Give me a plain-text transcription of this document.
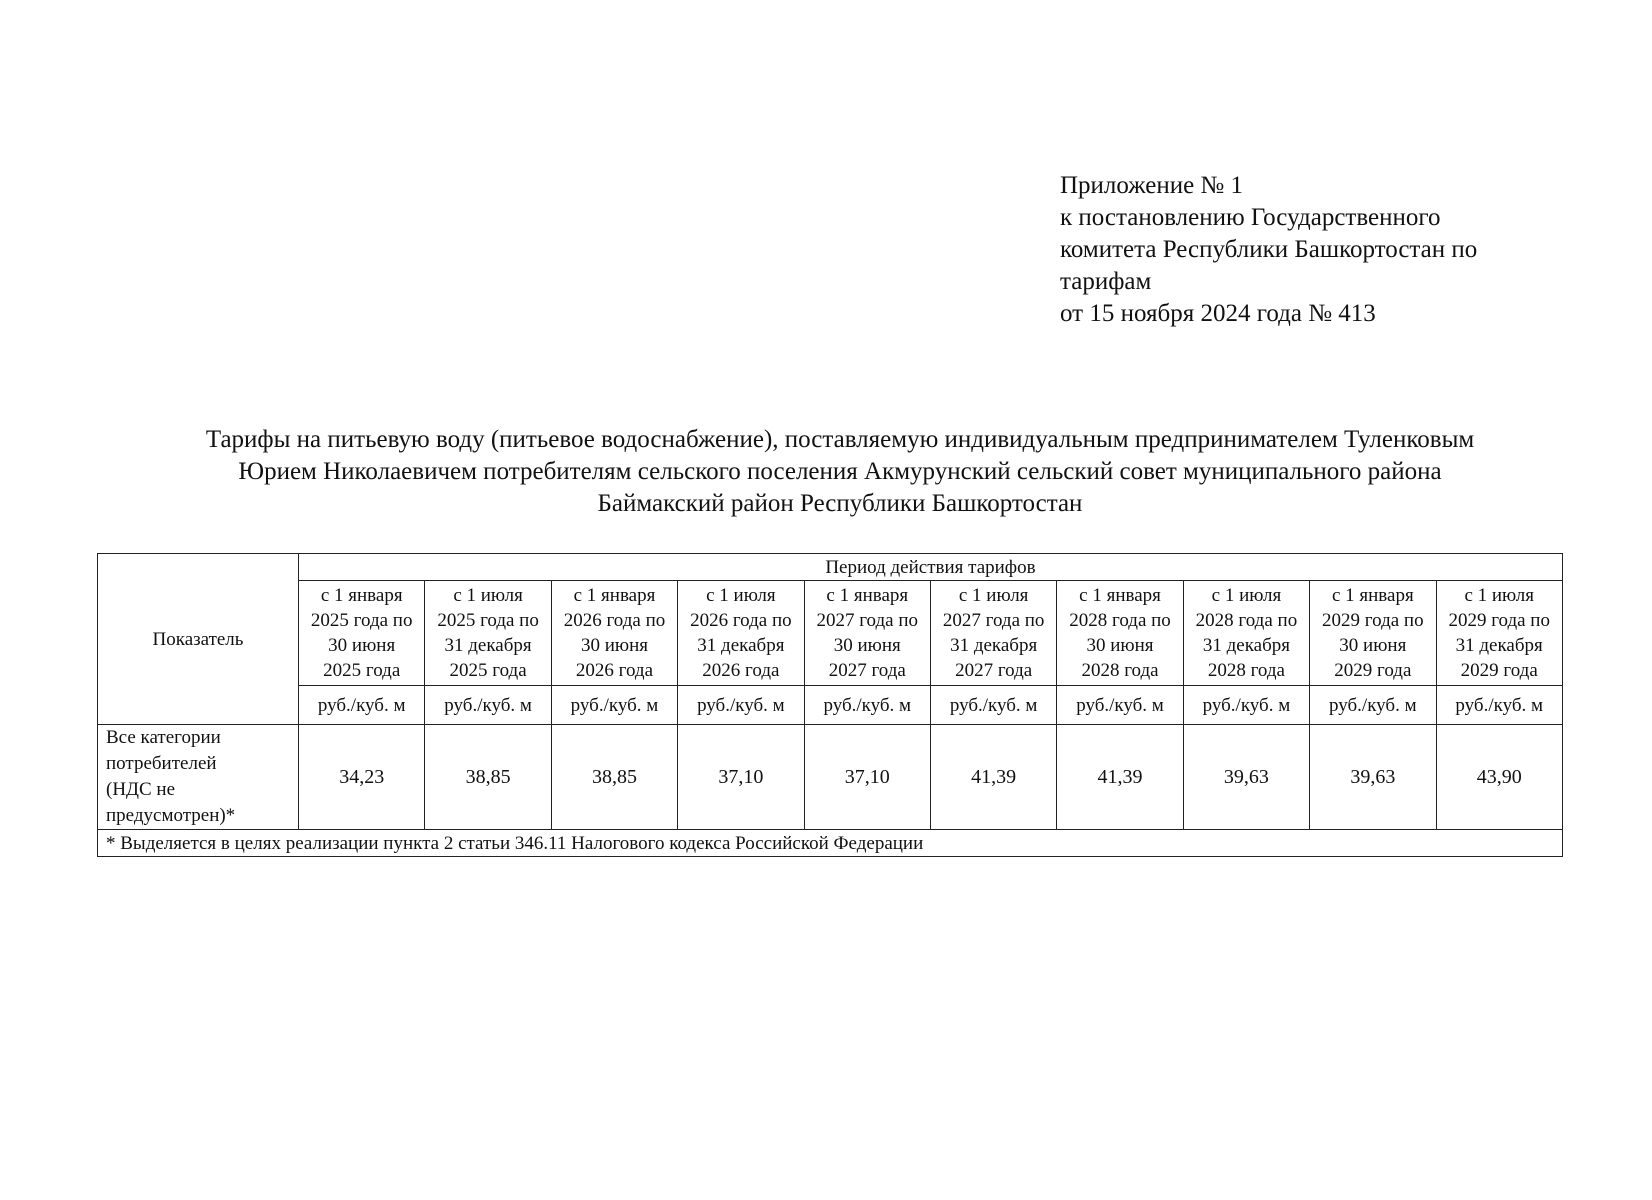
Приложение № 1
к постановлению Государственного
комитета Республики Башкортостан по
тарифам
от 15 ноября 2024 года № 413
Тарифы на питьевую воду (питьевое водоснабжение), поставляемую индивидуальным предпринимателем Туленковым
Юрием Николаевичем потребителям сельского поселения Акмурунский сельский совет муниципального района
Баймакский район Республики Башкортостан
Показатель	Период действия тарифов									
	с 1 января
2025 года по
30 июня
2025 года	с 1 июля
2025 года по
31 декабря
2025 года	с 1 января
2026 года по
30 июня
2026 года	с 1 июля
2026 года по
31 декабря
2026 года	с 1 января
2027 года по
30 июня
2027 года	с 1 июля
2027 года по
31 декабря
2027 года	с 1 января
2028 года по
30 июня
2028 года	с 1 июля
2028 года по
31 декабря
2028 года	с 1 января
2029 года по
30 июня
2029 года	с 1 июля
2029 года по
31 декабря
2029 года
	руб./куб. м	руб./куб. м	руб./куб. м	руб./куб. м	руб./куб. м	руб./куб. м	руб./куб. м	руб./куб. м	руб./куб. м	руб./куб. м
Все категории
потребителей
(НДС не
предусмотрен)*	34,23	38,85	38,85	37,10	37,10	41,39	41,39	39,63	39,63	43,90
* Выделяется в целях реализации пункта 2 статьи 346.11 Налогового кодекса Российской Федерации										
